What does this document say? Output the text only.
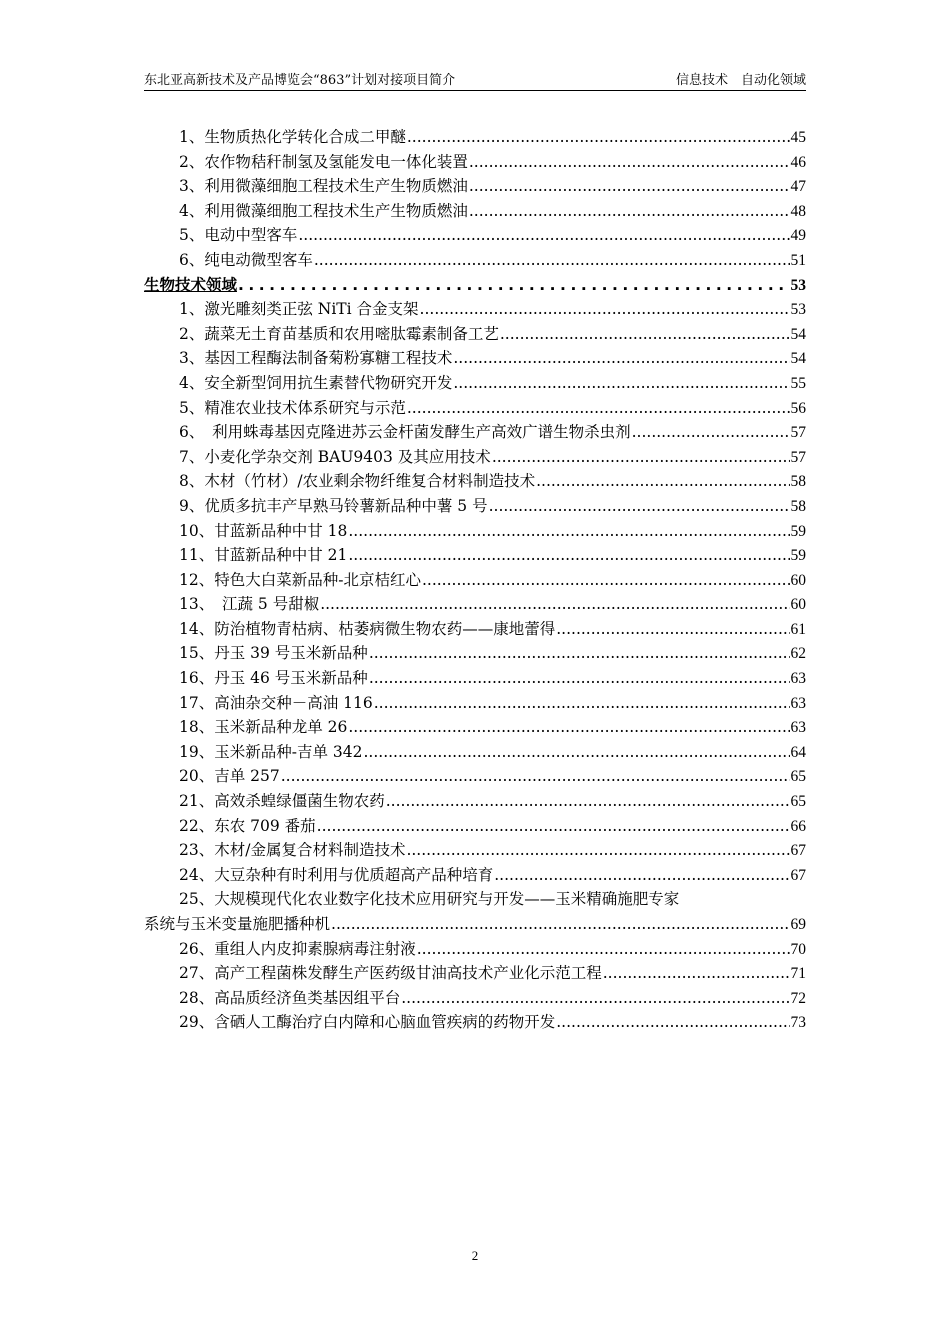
东北亚高新技术及产品博览会“863”计划对接项目简介	信息技术　自动化领域
1、生物质热化学转化合成二甲醚 .....	45
2、农作物秸秆制氢及氢能发电一体化装置 .....	46
3、利用微藻细胞工程技术生产生物质燃油 .....	47
4、利用微藻细胞工程技术生产生物质燃油 .....	48
5、电动中型客车 .....	49
6、纯电动微型客车 .....	51
生物技术领域 .....	53
1、激光雕刻类正弦 NiTi 合金支架 .....	53
2、蔬菜无土育苗基质和农用嘧肽霉素制备工艺 .....	54
3、基因工程酶法制备菊粉寡糖工程技术 .....	54
4、安全新型饲用抗生素替代物研究开发 .....	55
5、精准农业技术体系研究与示范 .....	56
6、　利用蛛毒基因克隆进苏云金杆菌发酵生产高效广谱生物杀虫剂 .....	57
7、小麦化学杂交剂 BAU9403 及其应用技术 .....	57
8、木材（竹材）/农业剩余物纤维复合材料制造技术 .....	58
9、优质多抗丰产早熟马铃薯新品种中薯 5 号 .....	58
10、甘蓝新品种中甘 18 .....	59
11、甘蓝新品种中甘 21 .....	59
12、特色大白菜新品种-北京桔红心 .....	60
13、　江蔬 5 号甜椒 .....	60
14、防治植物青枯病、枯萎病微生物农药——康地蕾得 .....	61
15、丹玉 39 号玉米新品种 .....	62
16、丹玉 46 号玉米新品种 .....	63
17、高油杂交种－高油 116 .....	63
18、玉米新品种龙单 26 .....	63
19、玉米新品种-吉单 342 .....	64
20、吉单 257 .....	65
21、高效杀蝗绿僵菌生物农药 .....	65
22、东农 709 番茄 .....	66
23、木材/金属复合材料制造技术 .....	67
24、大豆杂种有时利用与优质超高产品种培育 .....	67
25、大规模现代化农业数字化技术应用研究与开发——玉米精确施肥专家
系统与玉米变量施肥播种机 .....	69
26、重组人内皮抑素腺病毒注射液 .....	70
27、高产工程菌株发酵生产医药级甘油高技术产业化示范工程 .....	71
28、高品质经济鱼类基因组平台 .....	72
29、含硒人工酶治疗白内障和心脑血管疾病的药物开发 .....	73
2
